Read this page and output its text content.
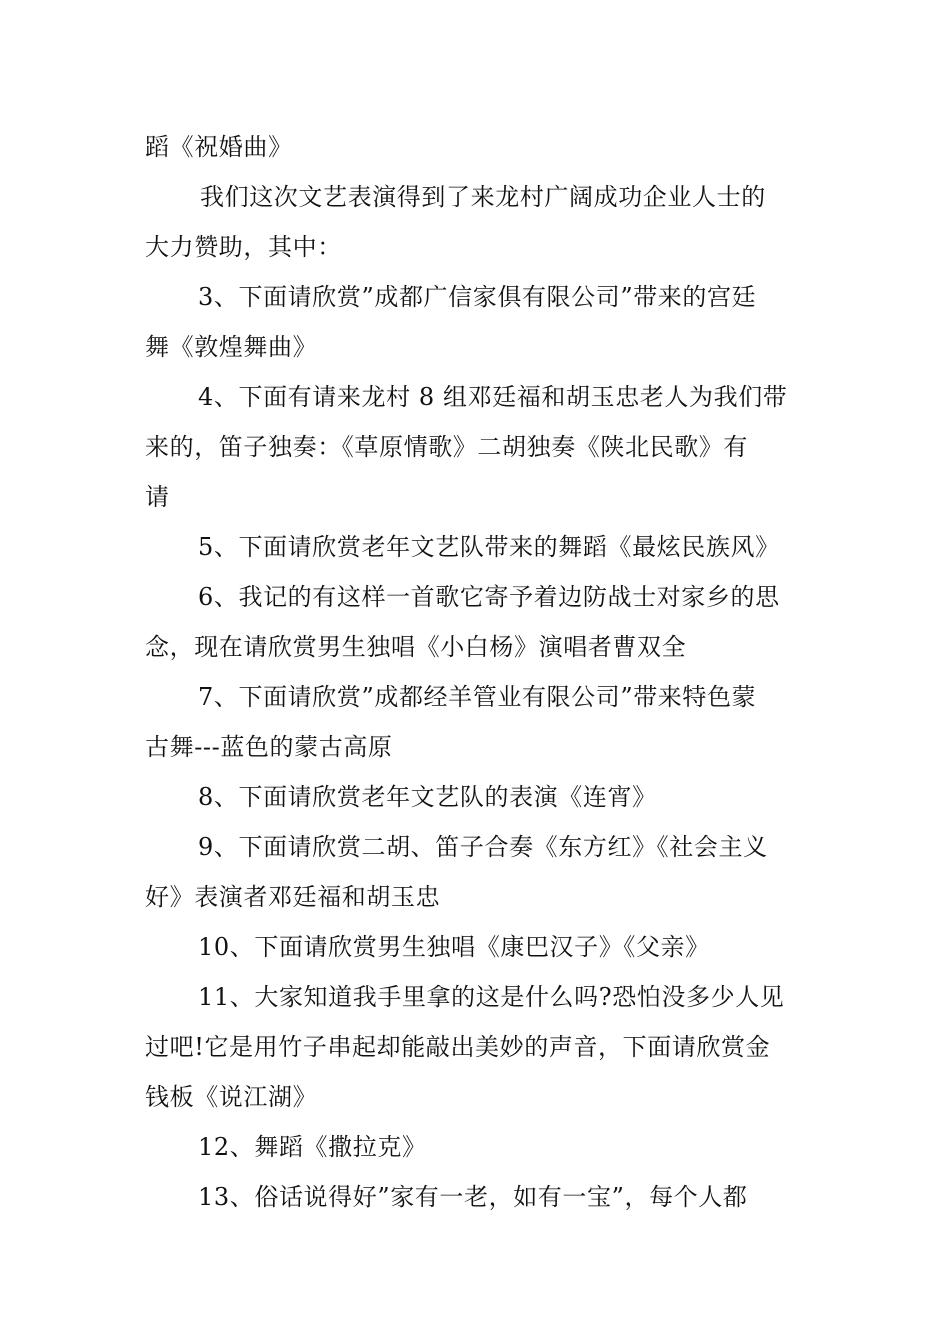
蹈《祝婚曲》
我们这次文艺表演得到了来龙村广阔成功企业人士的
大力赞助，其中：
3、下面请欣赏”成都广信家俱有限公司”带来的宫廷
舞《敦煌舞曲》
4、下面有请来龙村 8 组邓廷福和胡玉忠老人为我们带
来的，笛子独奏：《草原情歌》二胡独奏《陕北民歌》有
请
5、下面请欣赏老年文艺队带来的舞蹈《最炫民族风》
6、我记的有这样一首歌它寄予着边防战士对家乡的思
念，现在请欣赏男生独唱《小白杨》演唱者曹双全
7、下面请欣赏”成都经羊管业有限公司”带来特色蒙
古舞---蓝色的蒙古高原
8、下面请欣赏老年文艺队的表演《连宵》
9、下面请欣赏二胡、笛子合奏《东方红》《社会主义
好》表演者邓廷福和胡玉忠
10、下面请欣赏男生独唱《康巴汉子》《父亲》
11、大家知道我手里拿的这是什么吗?恐怕没多少人见
过吧!它是用竹子串起却能敲出美妙的声音，下面请欣赏金
钱板《说江湖》
12、舞蹈《撒拉克》
13、俗话说得好”家有一老，如有一宝”，每个人都
